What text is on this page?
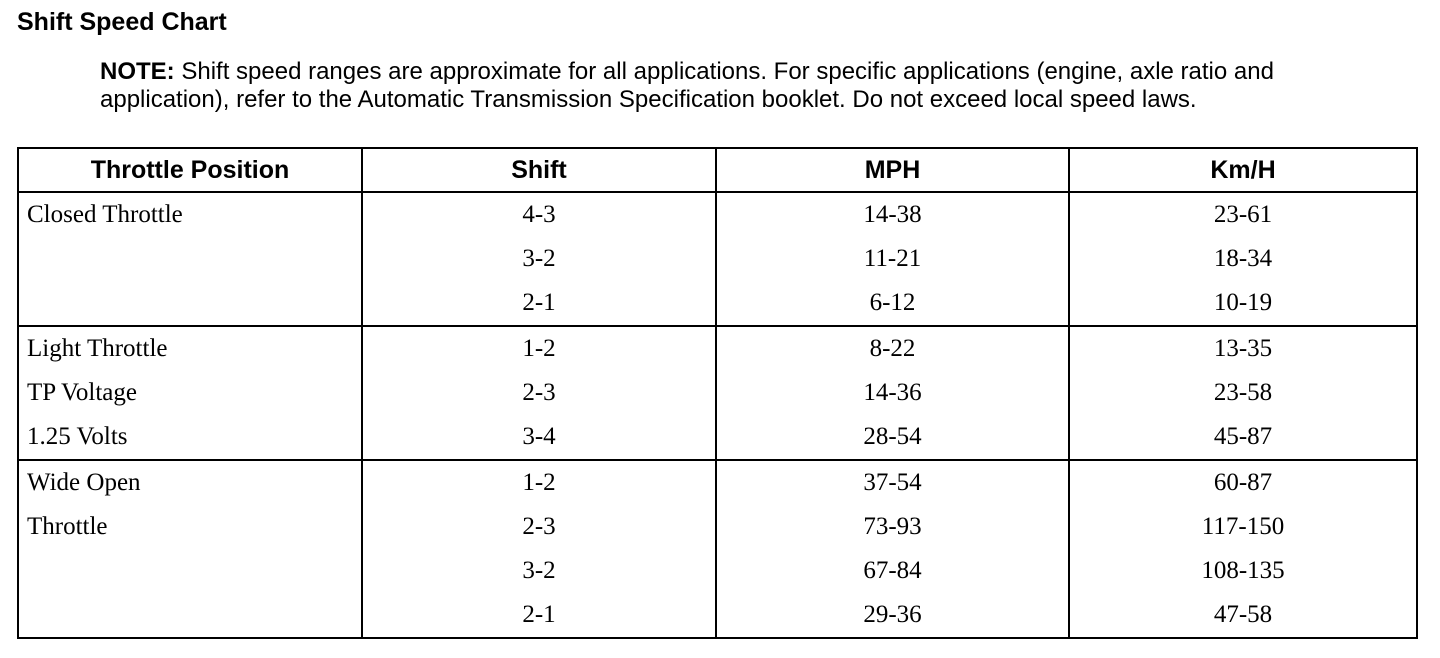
Shift Speed Chart

NOTE: Shift speed ranges are approximate for all applications. For specific applications (engine, axle ratio and application), refer to the Automatic Transmission Specification booklet. Do not exceed local speed laws.

Throttle Position	Shift	MPH	Km/H

Closed Throttle	4-3	14-38	23-61

	3-2	11-21	18-34

	2-1	6-12	10-19

Light Throttle	1-2	8-22	13-35

TP Voltage	2-3	14-36	23-58

1.25 Volts	3-4	28-54	45-87

Wide Open	1-2	37-54	60-87

Throttle	2-3	73-93	117-150

	3-2	67-84	108-135

	2-1	29-36	47-58
